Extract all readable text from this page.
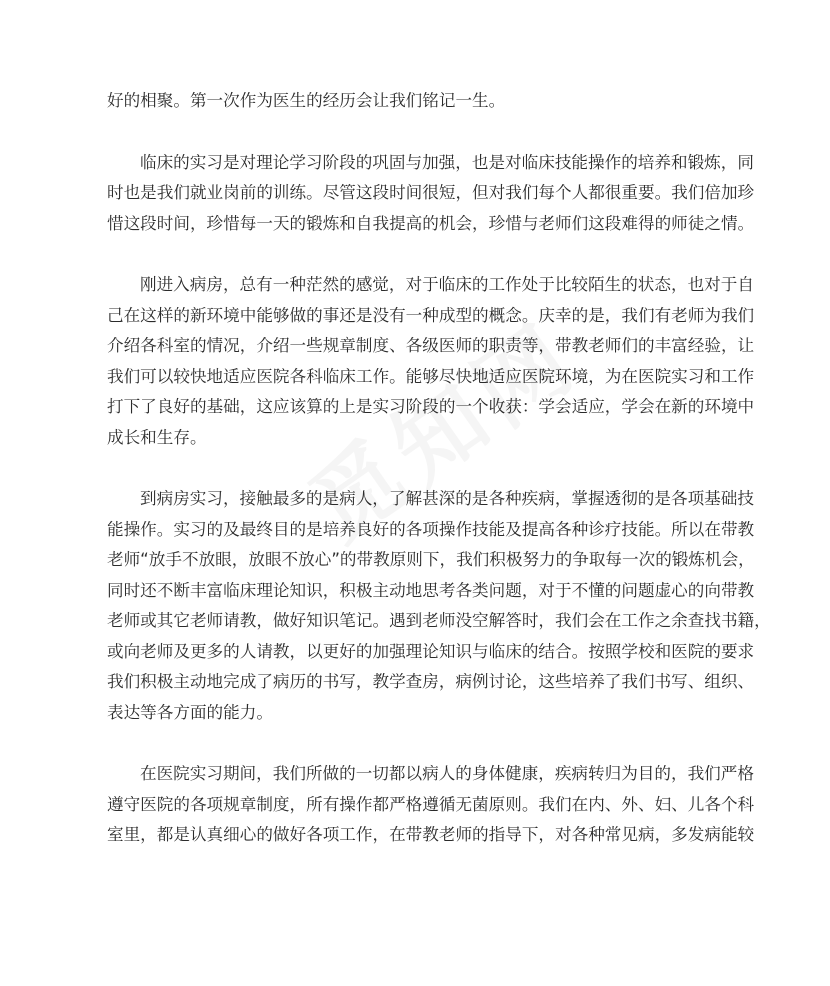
好的相聚。第一次作为医生的经历会让我们铭记一生。
临床的实习是对理论学习阶段的巩固与加强，也是对临床技能操作的培养和锻炼，同
时也是我们就业岗前的训练。尽管这段时间很短，但对我们每个人都很重要。我们倍加珍
惜这段时间，珍惜每一天的锻炼和自我提高的机会，珍惜与老师们这段难得的师徒之情。
刚进入病房，总有一种茫然的感觉，对于临床的工作处于比较陌生的状态，也对于自
己在这样的新环境中能够做的事还是没有一种成型的概念。庆幸的是，我们有老师为我们
介绍各科室的情况，介绍一些规章制度、各级医师的职责等，带教老师们的丰富经验，让
我们可以较快地适应医院各科临床工作。能够尽快地适应医院环境，为在医院实习和工作
打下了良好的基础，这应该算的上是实习阶段的一个收获：学会适应，学会在新的环境中
成长和生存。
到病房实习，接触最多的是病人，了解甚深的是各种疾病，掌握透彻的是各项基础技
能操作。实习的及最终目的是培养良好的各项操作技能及提高各种诊疗技能。所以在带教
老师“放手不放眼，放眼不放心”的带教原则下，我们积极努力的争取每一次的锻炼机会，
同时还不断丰富临床理论知识，积极主动地思考各类问题，对于不懂的问题虚心的向带教
老师或其它老师请教，做好知识笔记。遇到老师没空解答时，我们会在工作之余查找书籍，
或向老师及更多的人请教，以更好的加强理论知识与临床的结合。按照学校和医院的要求
我们积极主动地完成了病历的书写，教学查房，病例讨论，这些培养了我们书写、组织、
表达等各方面的能力。
在医院实习期间，我们所做的一切都以病人的身体健康，疾病转归为目的，我们严格
遵守医院的各项规章制度，所有操作都严格遵循无菌原则。我们在内、外、妇、儿各个科
室里，都是认真细心的做好各项工作，在带教老师的指导下，对各种常见病，多发病能较
